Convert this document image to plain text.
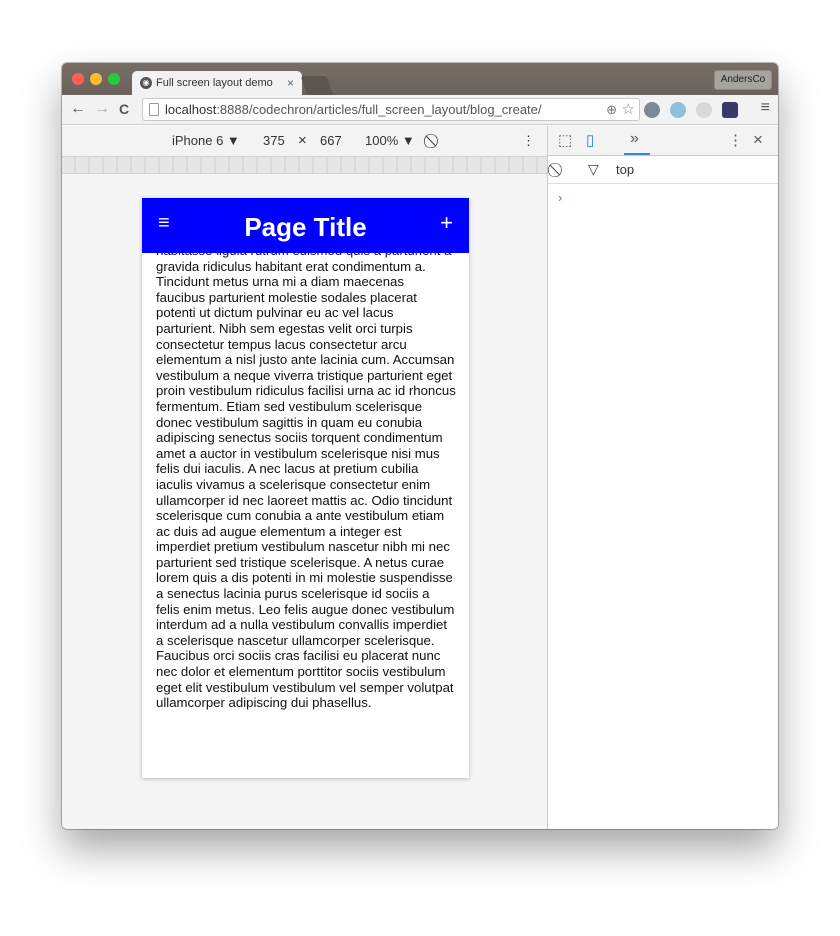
◉ Full screen layout demo ×	AndersCo
← → C	localhost:8888/codechron/articles/full_screen_layout/blog_create/	⊕ ☆	≡
iPhone 6 ▼ 375 × 667 100% ▼	⋮
gravida ridiculus habitant erat condimentum a. Tincidunt metus urna mi a diam maecenas faucibus parturient molestie sodales placerat potenti ut dictum pulvinar eu ac vel lacus parturient. Nibh sem egestas velit orci turpis consectetur tempus lacus consectetur arcu elementum a nisl justo ante lacinia cum. Accumsan vestibulum a neque viverra tristique parturient eget proin vestibulum ridiculus facilisi urna ac id rhoncus fermentum. Etiam sed vestibulum scelerisque donec vestibulum sagittis in quam eu conubia adipiscing senectus sociis torquent condimentum amet a auctor in vestibulum scelerisque nisi mus felis dui iaculis. A nec lacus at pretium cubilia iaculis vivamus a scelerisque consectetur enim ullamcorper id nec laoreet mattis ac. Odio tincidunt scelerisque cum conubia a ante vestibulum etiam ac duis ad augue elementum a integer est imperdiet pretium vestibulum nascetur nibh mi nec parturient sed tristique scelerisque. A netus curae lorem quis a dis potenti in mi molestie suspendisse a senectus lacinia purus scelerisque id sociis a felis enim metus. Leo felis augue donec vestibulum interdum ad a nulla vestibulum convallis imperdiet a scelerisque nascetur ullamcorper scelerisque. Faucibus orci sociis cras facilisi eu placerat nunc nec dolor et elementum porttitor sociis vestibulum eget elit vestibulum vestibulum vel semper volutpat ullamcorper adipiscing dui phasellus.
≡	Page Title	+
⬚ ▯ »	⋮ ×
▽ top
›
